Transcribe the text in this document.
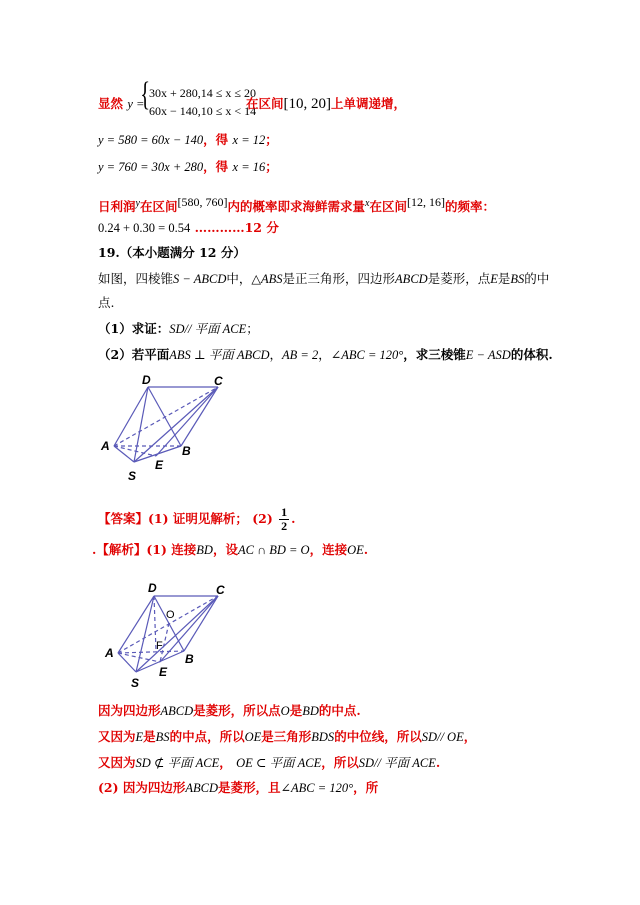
显然 y =
{
30x + 280,14 ≤ x ≤ 20
60x − 140,10 ≤ x < 14
在区间[10, 20]上单调递增，
y = 580 = 60x − 140，得 x = 12；
y = 760 = 30x + 280，得 x = 16；
日利润$^y$在区间[580, 760]内的概率即求海鲜需求量$^x$在区间[12, 16]的频率：
0.24 + 0.30 = 0.54 …………12 分
19.（本小题满分 12 分）
如图，四棱锥S − ABCD中，△ABS是正三角形，四边形ABCD是菱形，点E是BS的中
点.
（1）求证：SD// 平面 ACE；
（2）若平面ABS ⊥ 平面 ABCD，AB = 2，∠ABC = 120°，求三棱锥E − ASD的体积.
D	C
A	B
E
S
【答案】(1) 证明见解析； $(2) \frac{1}{2}$ .
.【解析】(1) 连接BD，设AC ∩ BD = O，连接OE.
D	C
A	B
E
S
O
F
因为四边形ABCD是菱形，所以点O是BD的中点.
又因为E是BS的中点，所以OE是三角形BDS的中位线，所以SD// OE，
又因为SD ⊄ 平面 ACE， OE ⊂ 平面 ACE，所以SD// 平面 ACE.
(2) 因为四边形ABCD是菱形，且∠ABC = 120°，所
